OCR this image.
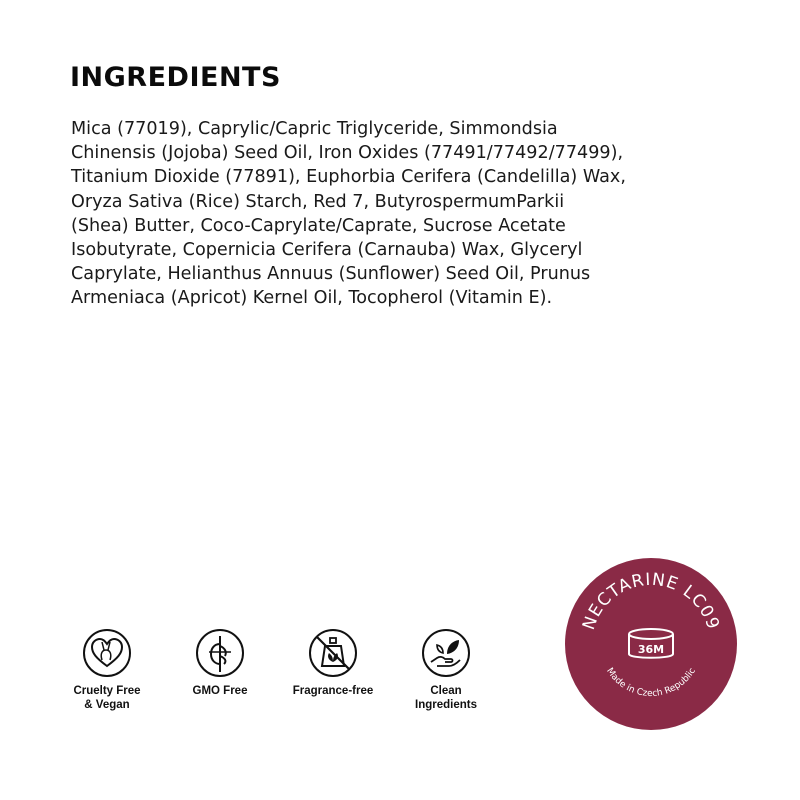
INGREDIENTS

Mica (77019), Caprylic/Capric Triglyceride, Simmondsia
Chinensis (Jojoba) Seed Oil, Iron Oxides (77491/77492/77499),
Titanium Dioxide (77891), Euphorbia Cerifera (Candelilla) Wax,
Oryza Sativa (Rice) Starch, Red 7, ButyrospermumParkii
(Shea) Butter, Coco-Caprylate/Caprate, Sucrose Acetate
Isobutyrate, Copernicia Cerifera (Carnauba) Wax, Glyceryl
Caprylate, Helianthus Annuus (Sunflower) Seed Oil, Prunus
Armeniaca (Apricot) Kernel Oil, Tocopherol (Vitamin E).

Cruelty Free
& Vegan
GMO Free	Fragrance-free	Clean
Ingredients
NECTARINE LC09
36M
Made in Czech Republic
